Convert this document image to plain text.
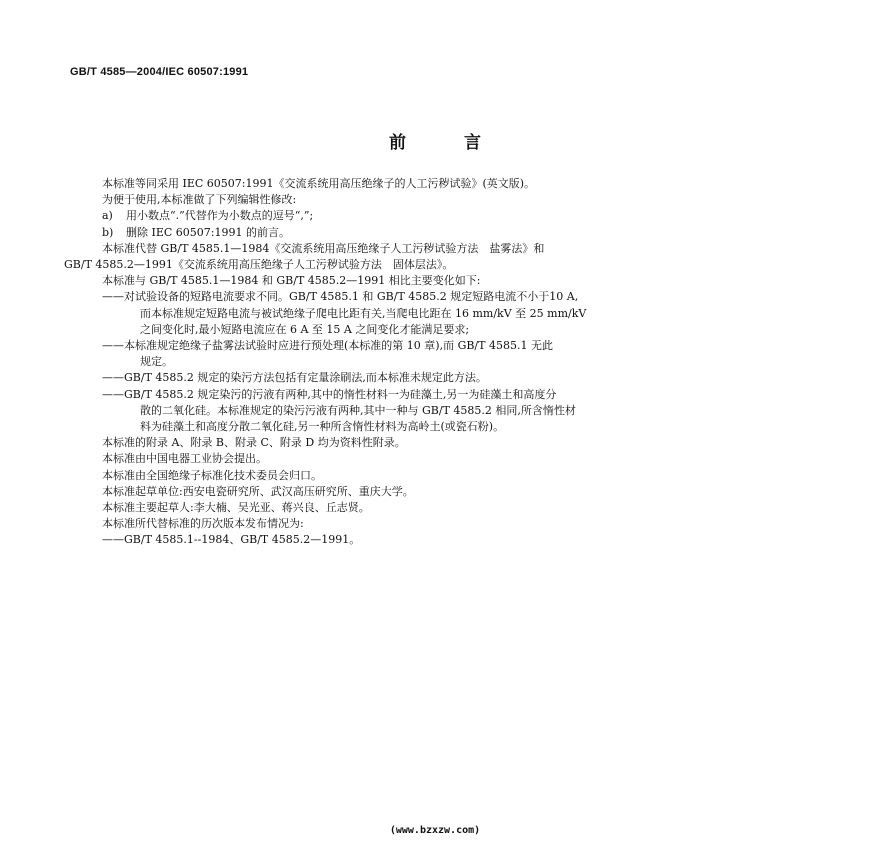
GB/T 4585—2004/IEC 60507:1991
前	言
本标准等同采用 IEC 60507:1991《交流系统用高压绝缘子的人工污秽试验》(英文版)。
为便于使用,本标准做了下列编辑性修改:
a) 用小数点“.”代替作为小数点的逗号“,”;
b) 删除 IEC 60507:1991 的前言。
本标准代替 GB/T 4585.1—1984《交流系统用高压绝缘子人工污秽试验方法　盐雾法》和
GB/T 4585.2—1991《交流系统用高压绝缘子人工污秽试验方法　固体层法》。
本标准与 GB/T 4585.1—1984 和 GB/T 4585.2—1991 相比主要变化如下:
——对试验设备的短路电流要求不同。GB/T 4585.1 和 GB/T 4585.2 规定短路电流不小于10 A,
而本标准规定短路电流与被试绝缘子爬电比距有关,当爬电比距在 16 mm/kV 至 25 mm/kV
之间变化时,最小短路电流应在 6 A 至 15 A 之间变化才能满足要求;
——本标准规定绝缘子盐雾法试验时应进行预处理(本标准的第 10 章),而 GB/T 4585.1 无此
规定。
——GB/T 4585.2 规定的染污方法包括有定量涂刷法,而本标准未规定此方法。
——GB/T 4585.2 规定染污的污液有两种,其中的惰性材料一为硅藻土,另一为硅藻土和高度分
散的二氧化硅。本标准规定的染污污液有两种,其中一种与 GB/T 4585.2 相同,所含惰性材
料为硅藻土和高度分散二氧化硅,另一种所含惰性材料为高岭土(或瓷石粉)。
本标准的附录 A、附录 B、附录 C、附录 D 均为资料性附录。
本标准由中国电器工业协会提出。
本标准由全国绝缘子标准化技术委员会归口。
本标准起草单位:西安电瓷研究所、武汉高压研究所、重庆大学。
本标准主要起草人:李大楠、吴光亚、蒋兴良、丘志贤。
本标准所代替标准的历次版本发布情况为:
——GB/T 4585.1--1984、GB/T 4585.2—1991。
(www.bzxzw.com)
